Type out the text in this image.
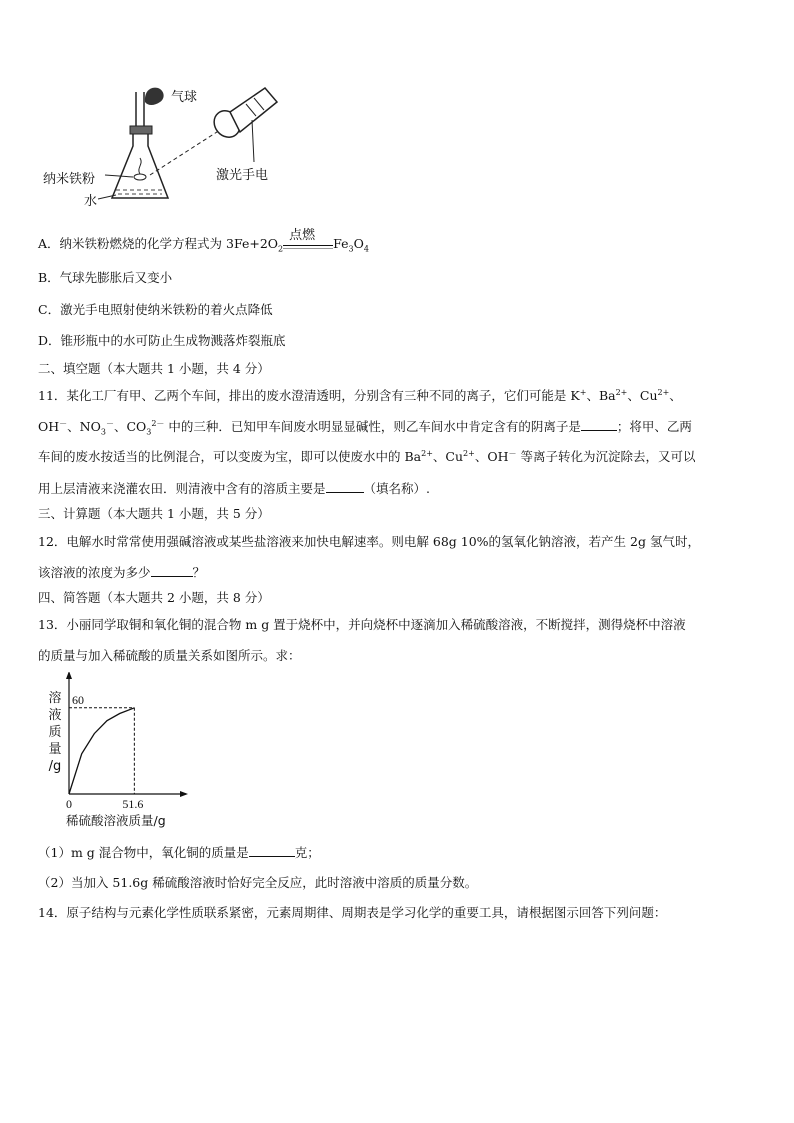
气球
激光手电
纳米铁粉
水
A．纳米铁粉燃烧的化学方程式为 $3Fe+2O_2$
点燃
$Fe_3O_4$
B．气球先膨胀后又变小
C．激光手电照射使纳米铁粉的着火点降低
D．锥形瓶中的水可防止生成物溅落炸裂瓶底
二、填空题（本大题共 1 小题，共 4 分）
11．某化工厂有甲、乙两个车间，排出的废水澄清透明，分别含有三种不同的离子，它们可能是 K+、$Ba^{2+}$、$Cu^{2+}$、
OH－、$NO_3^-$、$CO_3^{2-}$ 中的三种．已知甲车间废水明显显碱性，则乙车间水中肯定含有的阴离子是	；将甲、乙两
车间的废水按适当的比例混合，可以变废为宝，即可以使废水中的 $Ba^{2+}$、$Cu^{2+}$、OH－ 等离子转化为沉淀除去，又可以
用上层清液来浇灌农田．则清液中含有的溶质主要是	（填名称）.
三、计算题（本大题共 1 小题，共 5 分）
12．电解水时常常使用强碱溶液或某些盐溶液来加快电解速率。则电解 68g 10%的氢氧化钠溶液，若产生 2g 氢气时，
该溶液的浓度为多少	？
四、简答题（本大题共 2 小题，共 8 分）
13．小丽同学取铜和氧化铜的混合物 m g 置于烧杯中，并向烧杯中逐滴加入稀硫酸溶液，不断搅拌，测得烧杯中溶液
的质量与加入稀硫酸的质量关系如图所示。求：
0	51.6
60
溶液质量/g
稀硫酸溶液质量/g
（1）m g 混合物中，氧化铜的质量是	克；
（2）当加入 51.6g 稀硫酸溶液时恰好完全反应，此时溶液中溶质的质量分数。
14．原子结构与元素化学性质联系紧密，元素周期律、周期表是学习化学的重要工具，请根据图示回答下列问题：
